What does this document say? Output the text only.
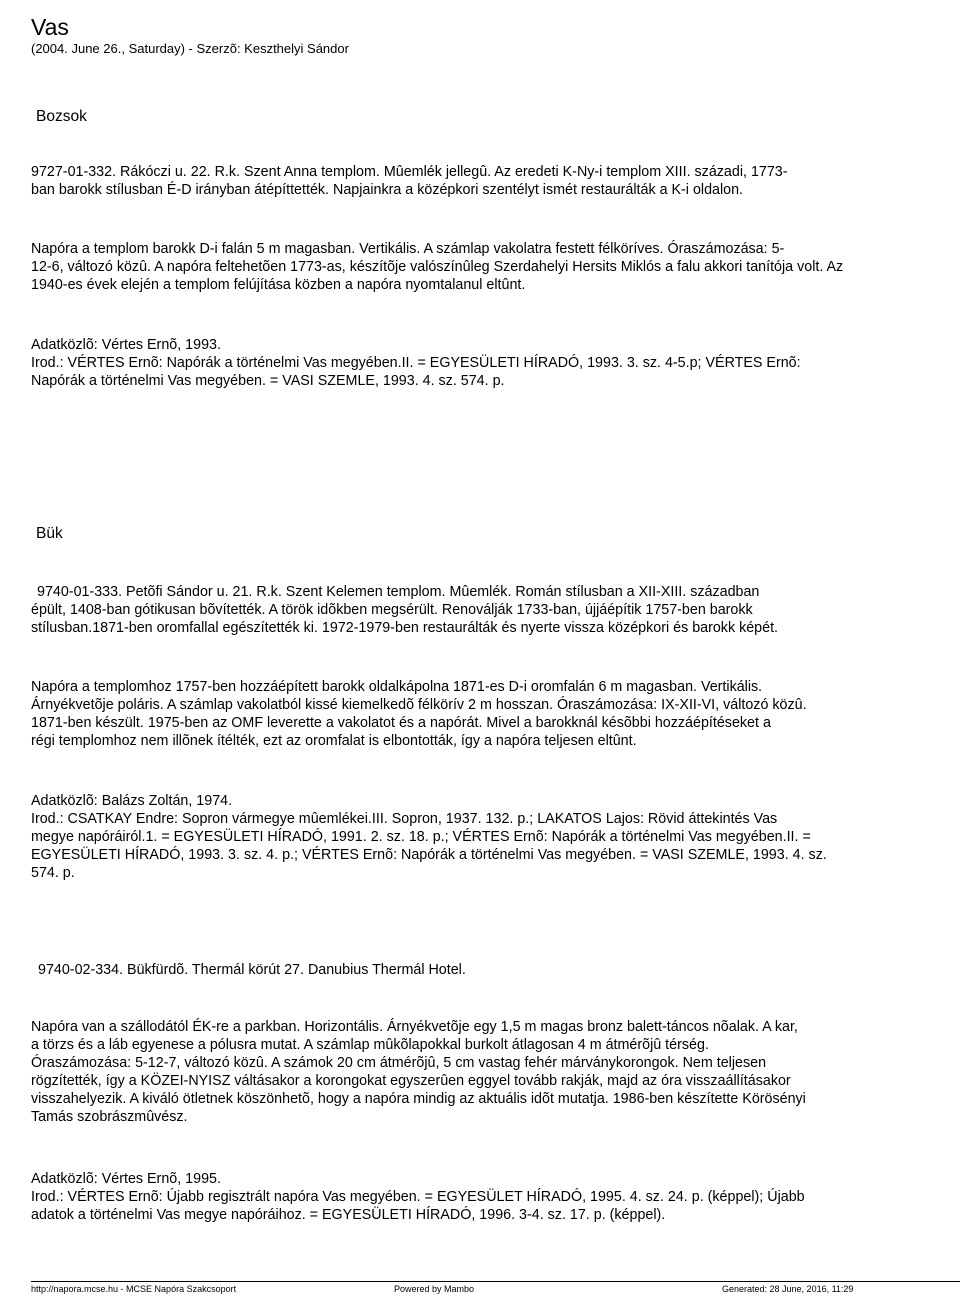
Vas
(2004. June 26., Saturday) - Szerzõ: Keszthelyi Sándor
Bozsok
9727-01-332. Rákóczi u. 22. R.k. Szent Anna templom. Mûemlék jellegû. Az eredeti K-Ny-i templom XIII. századi, 1773-
ban barokk stílusban É-D irányban átépíttették. Napjainkra a középkori szentélyt ismét restaurálták a K-i oldalon.
Napóra a templom barokk D-i falán 5 m magasban. Vertikális. A számlap vakolatra festett félköríves. Óraszámozása: 5-
12-6, változó közû. A napóra feltehetõen 1773-as, készítõje valószínûleg Szerdahelyi Hersits Miklós a falu akkori tanítója volt. Az
1940-es évek elején a templom felújítása közben a napóra nyomtalanul eltûnt.
Adatközlõ: Vértes Ernõ, 1993.
Irod.: VÉRTES Ernõ: Napórák a történelmi Vas megyében.II. = EGYESÜLETI HÍRADÓ, 1993. 3. sz. 4-5.p; VÉRTES Ernõ:
Napórák a történelmi Vas megyében. = VASI SZEMLE, 1993. 4. sz. 574. p.
Bük
9740-01-333. Petõfi Sándor u. 21. R.k. Szent Kelemen templom. Mûemlék. Román stílusban a XII-XIII. században
épült, 1408-ban gótikusan bõvítették. A török idõkben megsérült. Renoválják 1733-ban, újjáépítik 1757-ben barokk
stílusban.1871-ben oromfallal egészítették ki. 1972-1979-ben restaurálták és nyerte vissza középkori és barokk képét.
Napóra a templomhoz 1757-ben hozzáépített barokk oldalkápolna 1871-es D-i oromfalán 6 m magasban. Vertikális.
Árnyékvetõje poláris. A számlap vakolatból kissé kiemelkedõ félkörív 2 m hosszan. Óraszámozása: IX-XII-VI, változó közû.
1871-ben készült. 1975-ben az OMF leverette a vakolatot és a napórát. Mivel a barokknál késõbbi hozzáépítéseket a
régi templomhoz nem illõnek ítélték, ezt az oromfalat is elbontották, így a napóra teljesen eltûnt.
Adatközlõ: Balázs Zoltán, 1974.
Irod.: CSATKAY Endre: Sopron vármegye mûemlékei.III. Sopron, 1937. 132. p.; LAKATOS Lajos: Rövid áttekintés Vas
megye napóráiról.1. = EGYESÜLETI HÍRADÓ, 1991. 2. sz. 18. p.; VÉRTES Ernõ: Napórák a történelmi Vas megyében.II. =
EGYESÜLETI HÍRADÓ, 1993. 3. sz. 4. p.; VÉRTES Ernõ: Napórák a történelmi Vas megyében. = VASI SZEMLE, 1993. 4. sz.
574. p.
9740-02-334. Bükfürdõ. Thermál körút 27. Danubius Thermál Hotel.
Napóra van a szállodától ÉK-re a parkban. Horizontális. Árnyékvetõje egy 1,5 m magas bronz balett-táncos nõalak. A kar,
a törzs és a láb egyenese a pólusra mutat. A számlap mûkõlapokkal burkolt átlagosan 4 m átmérõjû térség.
Óraszámozása: 5-12-7, változó közû. A számok 20 cm átmérõjû, 5 cm vastag fehér márványkorongok. Nem teljesen
rögzítették, így a KÖZEI-NYISZ váltásakor a korongokat egyszerûen eggyel tovább rakják, majd az óra visszaállításakor
visszahelyezik. A kiváló ötletnek köszönhetõ, hogy a napóra mindig az aktuális idõt mutatja. 1986-ben készítette Körösényi
Tamás szobrászmûvész.
Adatközlõ: Vértes Ernõ, 1995.
Irod.: VÉRTES Ernõ: Újabb regisztrált napóra Vas megyében. = EGYESÜLET HÍRADÓ, 1995. 4. sz. 24. p. (képpel); Újabb
adatok a történelmi Vas megye napóráihoz. = EGYESÜLETI HÍRADÓ, 1996. 3-4. sz. 17. p. (képpel).
http://napora.mcse.hu - MCSE Napóra Szakcsoport	Powered by Mambo	Generated: 28 June, 2016, 11:29
